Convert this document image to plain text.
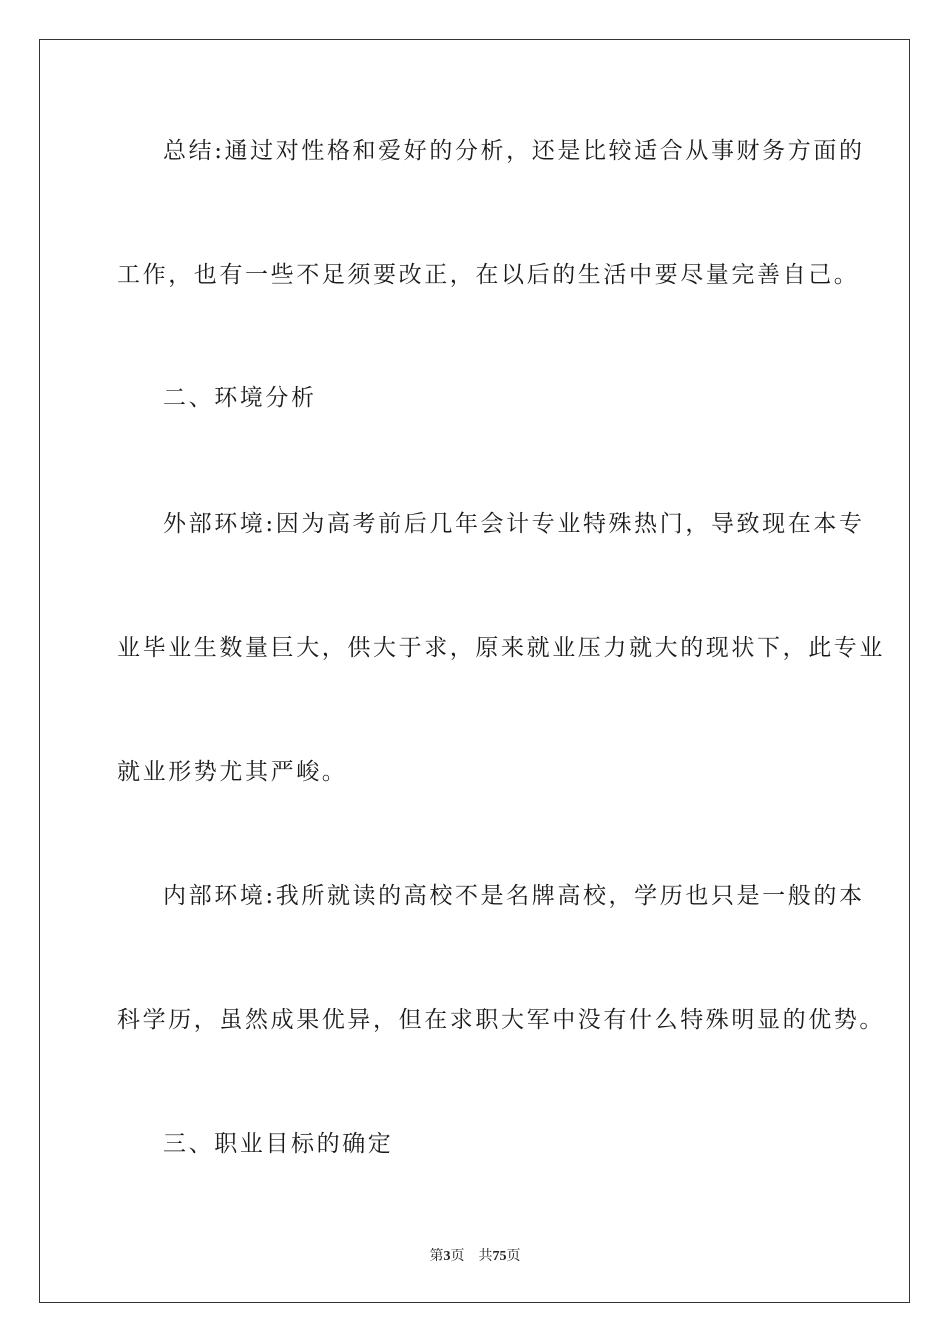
总结:通过对性格和爱好的分析，还是比较适合从事财务方面的
工作，也有一些不足须要改正，在以后的生活中要尽量完善自己。
二、环境分析
外部环境:因为高考前后几年会计专业特殊热门，导致现在本专
业毕业生数量巨大，供大于求，原来就业压力就大的现状下，此专业
就业形势尤其严峻。
内部环境:我所就读的高校不是名牌高校，学历也只是一般的本
科学历，虽然成果优异，但在求职大军中没有什么特殊明显的优势。
三、职业目标的确定
第3页 共75页
